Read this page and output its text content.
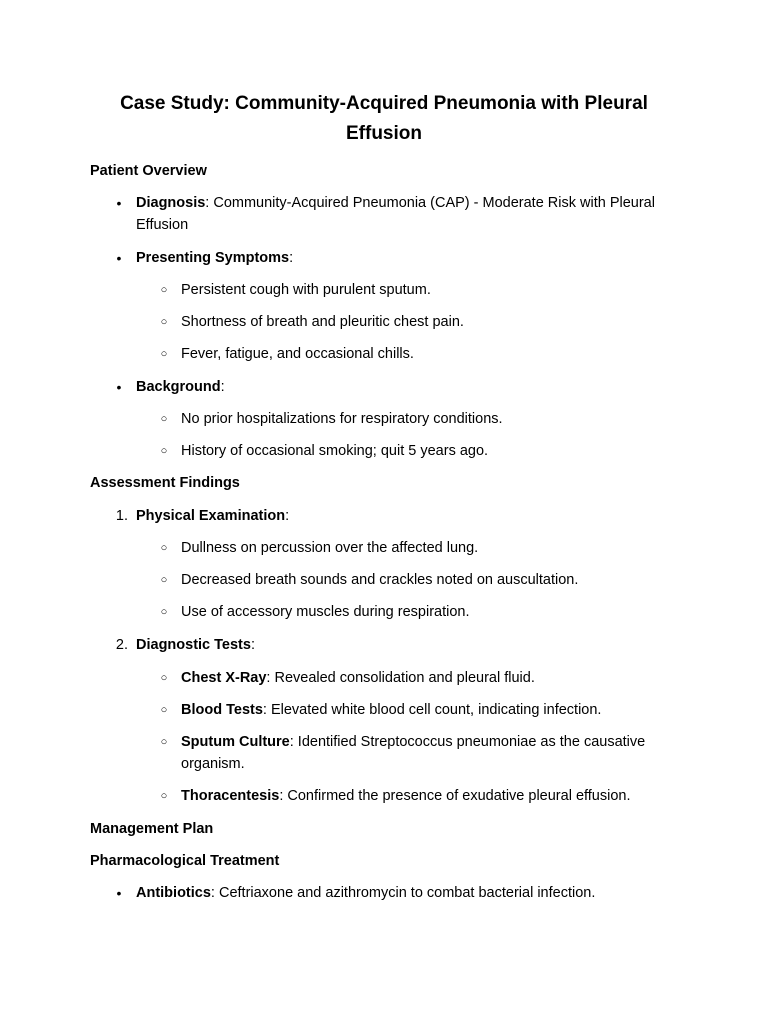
Case Study: Community-Acquired Pneumonia with Pleural Effusion
Patient Overview
•	Diagnosis: Community-Acquired Pneumonia (CAP) - Moderate Risk with Pleural Effusion
•	Presenting Symptoms:
○ Persistent cough with purulent sputum.
○ Shortness of breath and pleuritic chest pain.
○ Fever, fatigue, and occasional chills.
•	Background:
○ No prior hospitalizations for respiratory conditions.
○ History of occasional smoking; quit 5 years ago.
Assessment Findings
1. Physical Examination:
○ Dullness on percussion over the affected lung.
○ Decreased breath sounds and crackles noted on auscultation.
○ Use of accessory muscles during respiration.
2. Diagnostic Tests:
○ Chest X-Ray: Revealed consolidation and pleural fluid.
○ Blood Tests: Elevated white blood cell count, indicating infection.
○ Sputum Culture: Identified Streptococcus pneumoniae as the causative organism.
○ Thoracentesis: Confirmed the presence of exudative pleural effusion.
Management Plan
Pharmacological Treatment
•	Antibiotics: Ceftriaxone and azithromycin to combat bacterial infection.
